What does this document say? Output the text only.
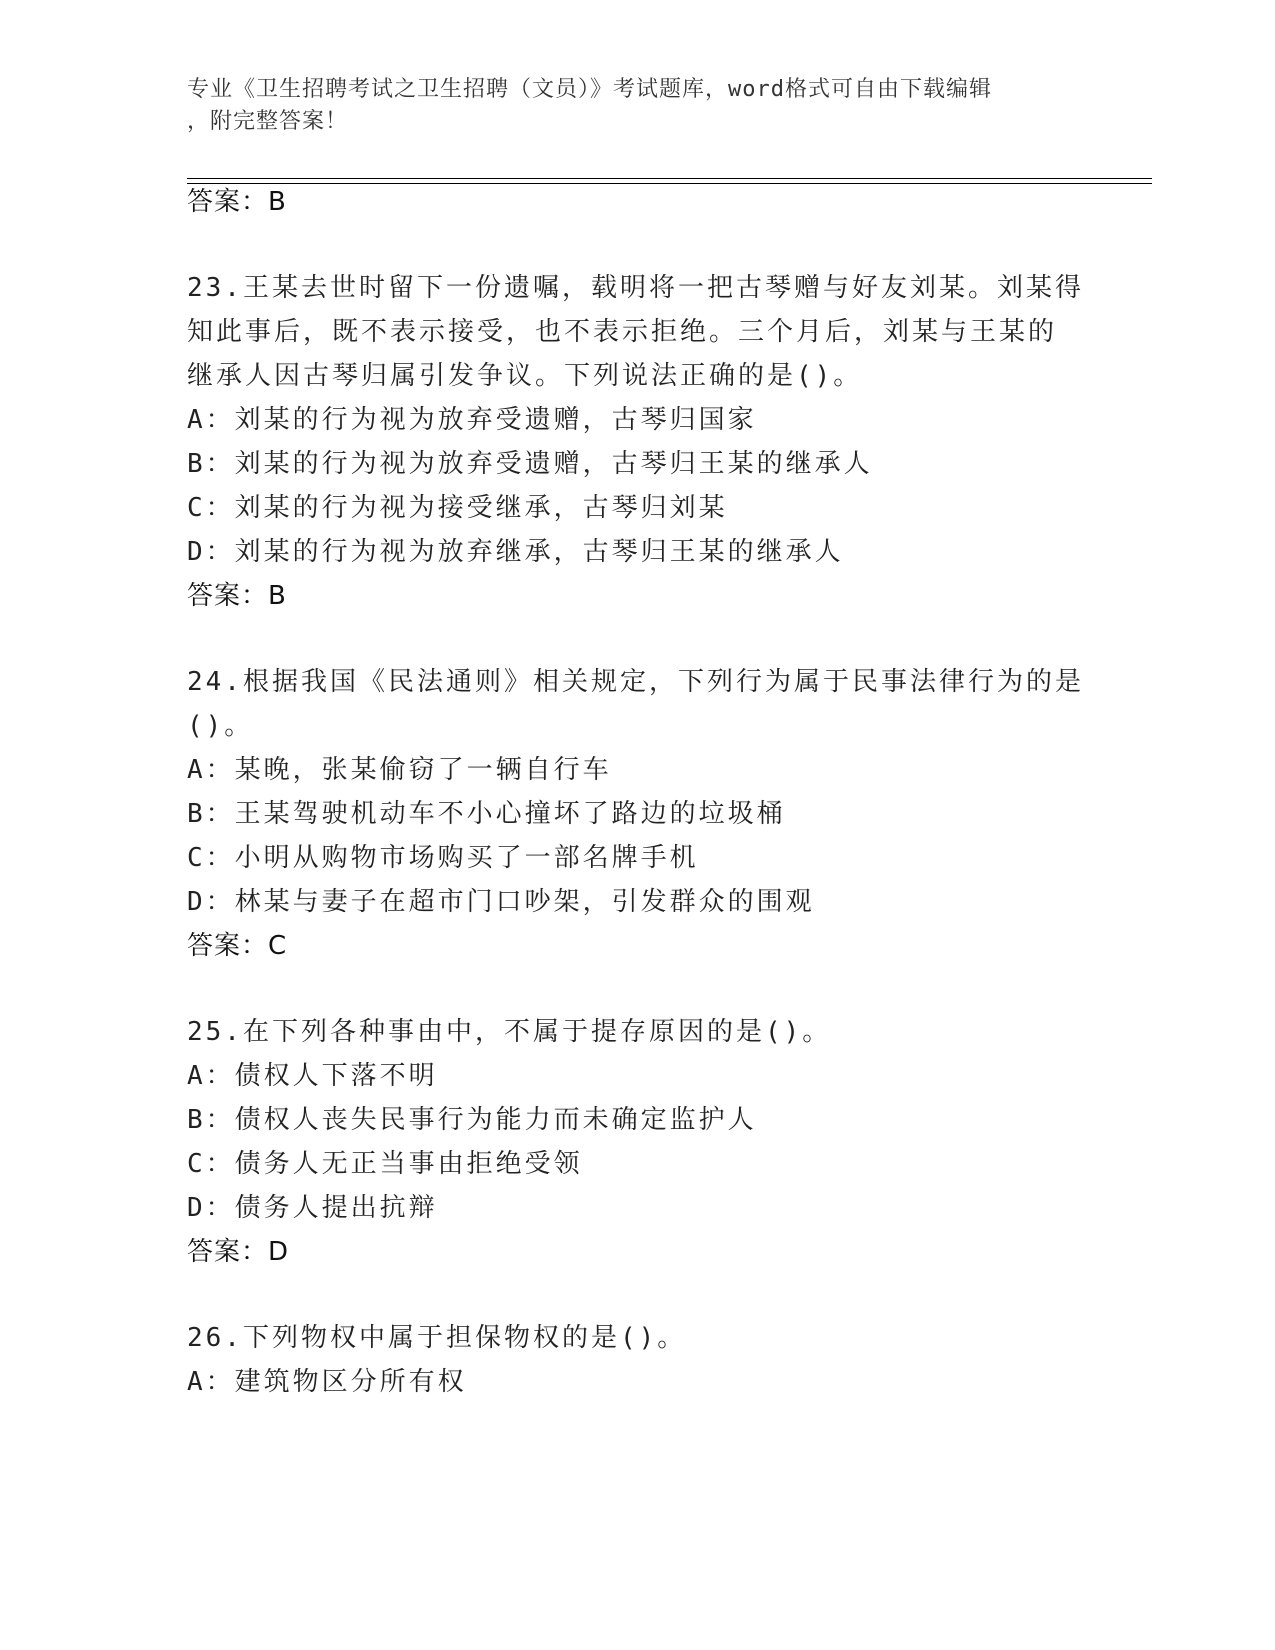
专业《卫生招聘考试之卫生招聘（文员）》考试题库，word格式可自由下载编辑
，附完整答案！
答案：B
23.王某去世时留下一份遗嘱，载明将一把古琴赠与好友刘某。刘某得
知此事后，既不表示接受，也不表示拒绝。三个月后，刘某与王某的
继承人因古琴归属引发争议。下列说法正确的是()。
A：刘某的行为视为放弃受遗赠，古琴归国家
B：刘某的行为视为放弃受遗赠，古琴归王某的继承人
C：刘某的行为视为接受继承，古琴归刘某
D：刘某的行为视为放弃继承，古琴归王某的继承人
答案：B
24.根据我国《民法通则》相关规定，下列行为属于民事法律行为的是
()。
A：某晚，张某偷窃了一辆自行车
B：王某驾驶机动车不小心撞坏了路边的垃圾桶
C：小明从购物市场购买了一部名牌手机
D：林某与妻子在超市门口吵架，引发群众的围观
答案：C
25.在下列各种事由中，不属于提存原因的是()。
A：债权人下落不明
B：债权人丧失民事行为能力而未确定监护人
C：债务人无正当事由拒绝受领
D：债务人提出抗辩
答案：D
26.下列物权中属于担保物权的是()。
A：建筑物区分所有权
